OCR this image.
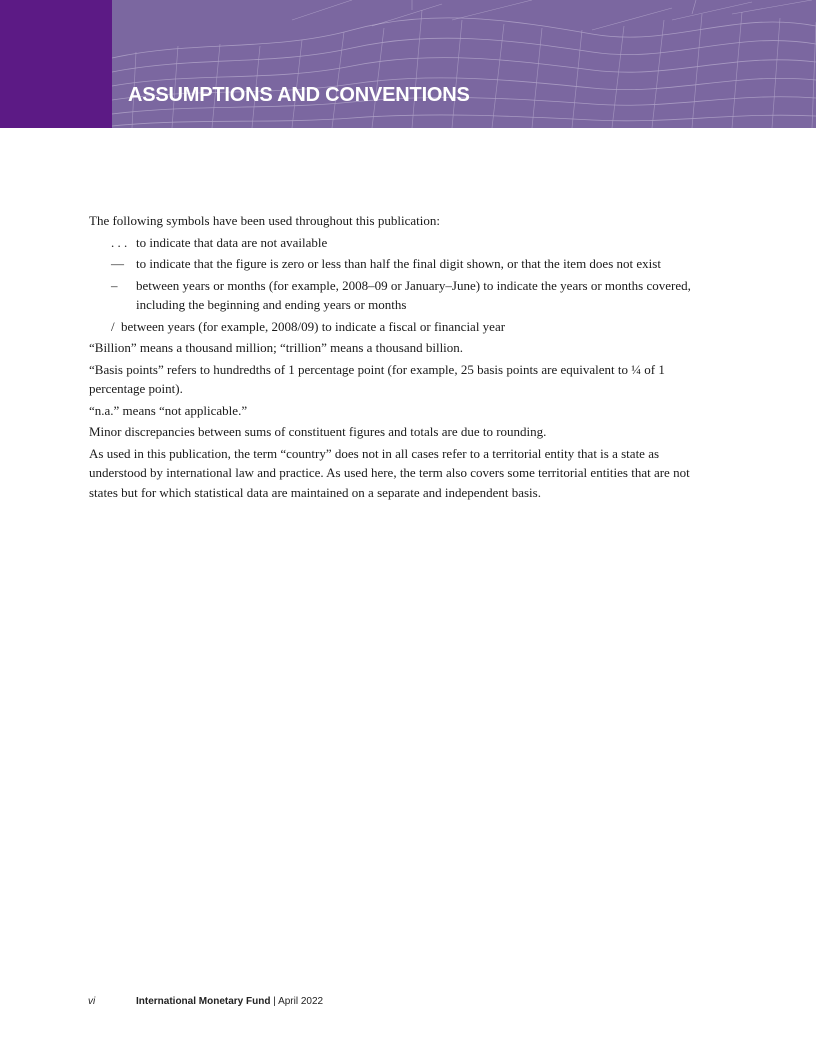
ASSUMPTIONS AND CONVENTIONS

The following symbols have been used throughout this publication:

. . . to indicate that data are not available
— to indicate that the figure is zero or less than half the final digit shown, or that the item does not exist
–	between years or months (for example, 2008–09 or January–June) to indicate the years or months covered, including the beginning and ending years or months
/ between years (for example, 2008/09) to indicate a fiscal or financial year

“Billion” means a thousand million; “trillion” means a thousand billion.

“Basis points” refers to hundredths of 1 percentage point (for example, 25 basis points are equivalent to ¼ of 1 percentage point).

“n.a.” means “not applicable.”

Minor discrepancies between sums of constituent figures and totals are due to rounding.

As used in this publication, the term “country” does not in all cases refer to a territorial entity that is a state as understood by international law and practice. As used here, the term also covers some territorial entities that are not states but for which statistical data are maintained on a separate and independent basis.

vi	International Monetary Fund | April 2022
